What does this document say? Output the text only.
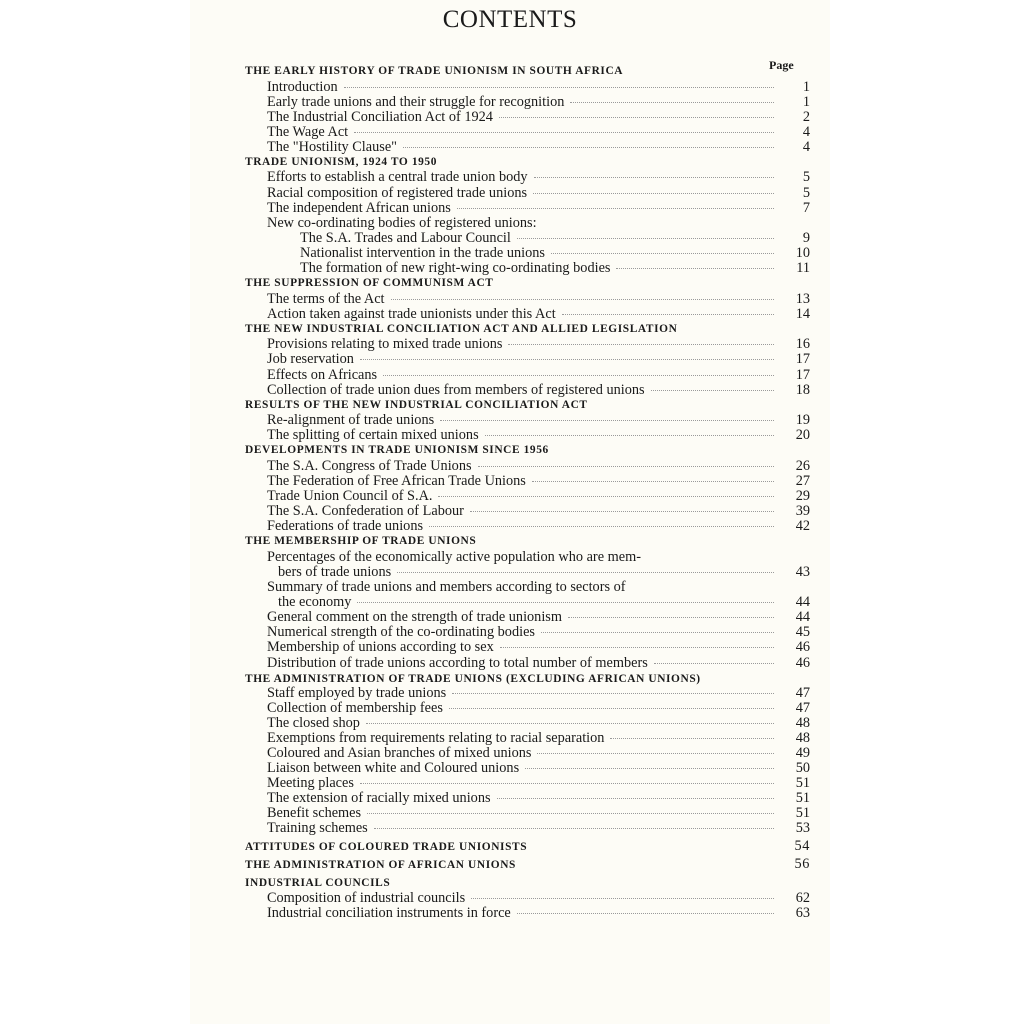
CONTENTS
Page
THE EARLY HISTORY OF TRADE UNIONISM IN SOUTH AFRICA
Introduction	1
Early trade unions and their struggle for recognition	1
The Industrial Conciliation Act of 1924	2
The Wage Act	4
The "Hostility Clause"	4
TRADE UNIONISM, 1924 TO 1950
Efforts to establish a central trade union body	5
Racial composition of registered trade unions	5
The independent African unions	7
New co-ordinating bodies of registered unions:
The S.A. Trades and Labour Council	9
Nationalist intervention in the trade unions	10
The formation of new right-wing co-ordinating bodies	11
THE SUPPRESSION OF COMMUNISM ACT
The terms of the Act	13
Action taken against trade unionists under this Act	14
THE NEW INDUSTRIAL CONCILIATION ACT AND ALLIED LEGISLATION
Provisions relating to mixed trade unions	16
Job reservation	17
Effects on Africans	17
Collection of trade union dues from members of registered unions	18
RESULTS OF THE NEW INDUSTRIAL CONCILIATION ACT
Re-alignment of trade unions	19
The splitting of certain mixed unions	20
DEVELOPMENTS IN TRADE UNIONISM SINCE 1956
The S.A. Congress of Trade Unions	26
The Federation of Free African Trade Unions	27
Trade Union Council of S.A.	29
The S.A. Confederation of Labour	39
Federations of trade unions	42
THE MEMBERSHIP OF TRADE UNIONS
Percentages of the economically active population who are mem-
bers of trade unions	43
Summary of trade unions and members according to sectors of
the economy	44
General comment on the strength of trade unionism	44
Numerical strength of the co-ordinating bodies	45
Membership of unions according to sex	46
Distribution of trade unions according to total number of members	46
THE ADMINISTRATION OF TRADE UNIONS (EXCLUDING AFRICAN UNIONS)
Staff employed by trade unions	47
Collection of membership fees	47
The closed shop	48
Exemptions from requirements relating to racial separation	48
Coloured and Asian branches of mixed unions	49
Liaison between white and Coloured unions	50
Meeting places	51
The extension of racially mixed unions	51
Benefit schemes	51
Training schemes	53
ATTITUDES OF COLOURED TRADE UNIONISTS	54
THE ADMINISTRATION OF AFRICAN UNIONS	56
INDUSTRIAL COUNCILS
Composition of industrial councils	62
Industrial conciliation instruments in force	63
